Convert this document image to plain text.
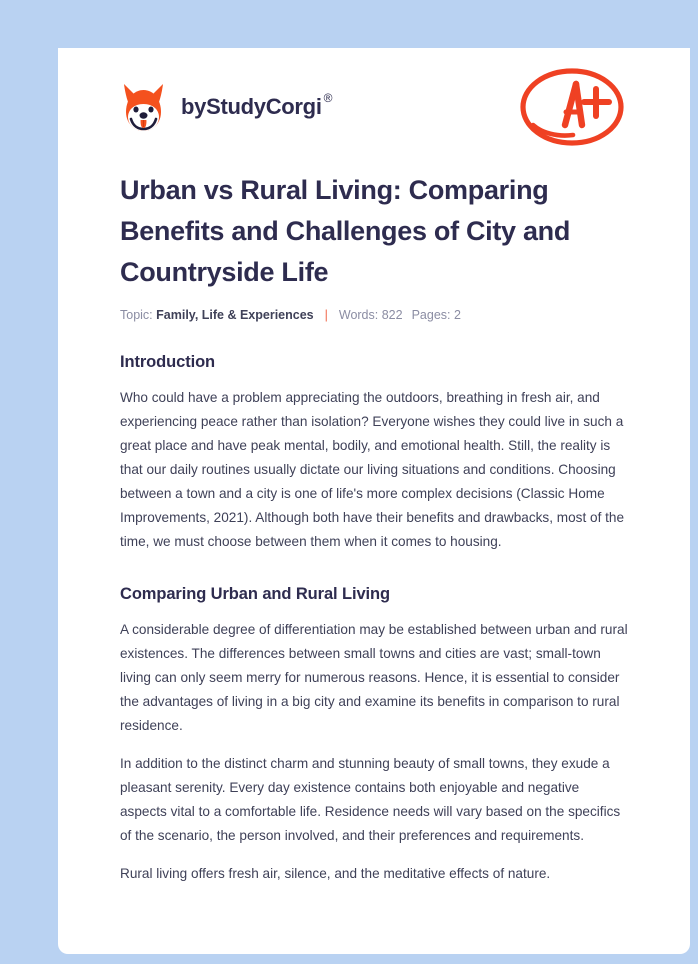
by StudyCorgi ®
Urban vs Rural Living: Comparing Benefits and Challenges of City and Countryside Life
Topic:
Family, Life & Experiences | Words:
822 Pages:
2
Introduction

Who could have a problem appreciating the outdoors, breathing in fresh air, and experiencing peace rather than isolation? Everyone wishes they could live in such a great place and have peak mental, bodily, and emotional health. Still, the reality is that our daily routines usually dictate our living situations and conditions. Choosing between a town and a city is one of life's more complex decisions (Classic Home Improvements, 2021). Although both have their benefits and drawbacks, most of the time, we must choose between them when it comes to housing.

Comparing Urban and Rural Living

A considerable degree of differentiation may be established between urban and rural existences. The differences between small towns and cities are vast; small-town living can only seem merry for numerous reasons. Hence, it is essential to consider the advantages of living in a big city and examine its benefits in comparison to rural residence.

In addition to the distinct charm and stunning beauty of small towns, they exude a pleasant serenity. Every day existence contains both enjoyable and negative aspects vital to a comfortable life. Residence needs will vary based on the specifics of the scenario, the person involved, and their preferences and requirements.

Rural living offers fresh air, silence, and the meditative effects of nature.
